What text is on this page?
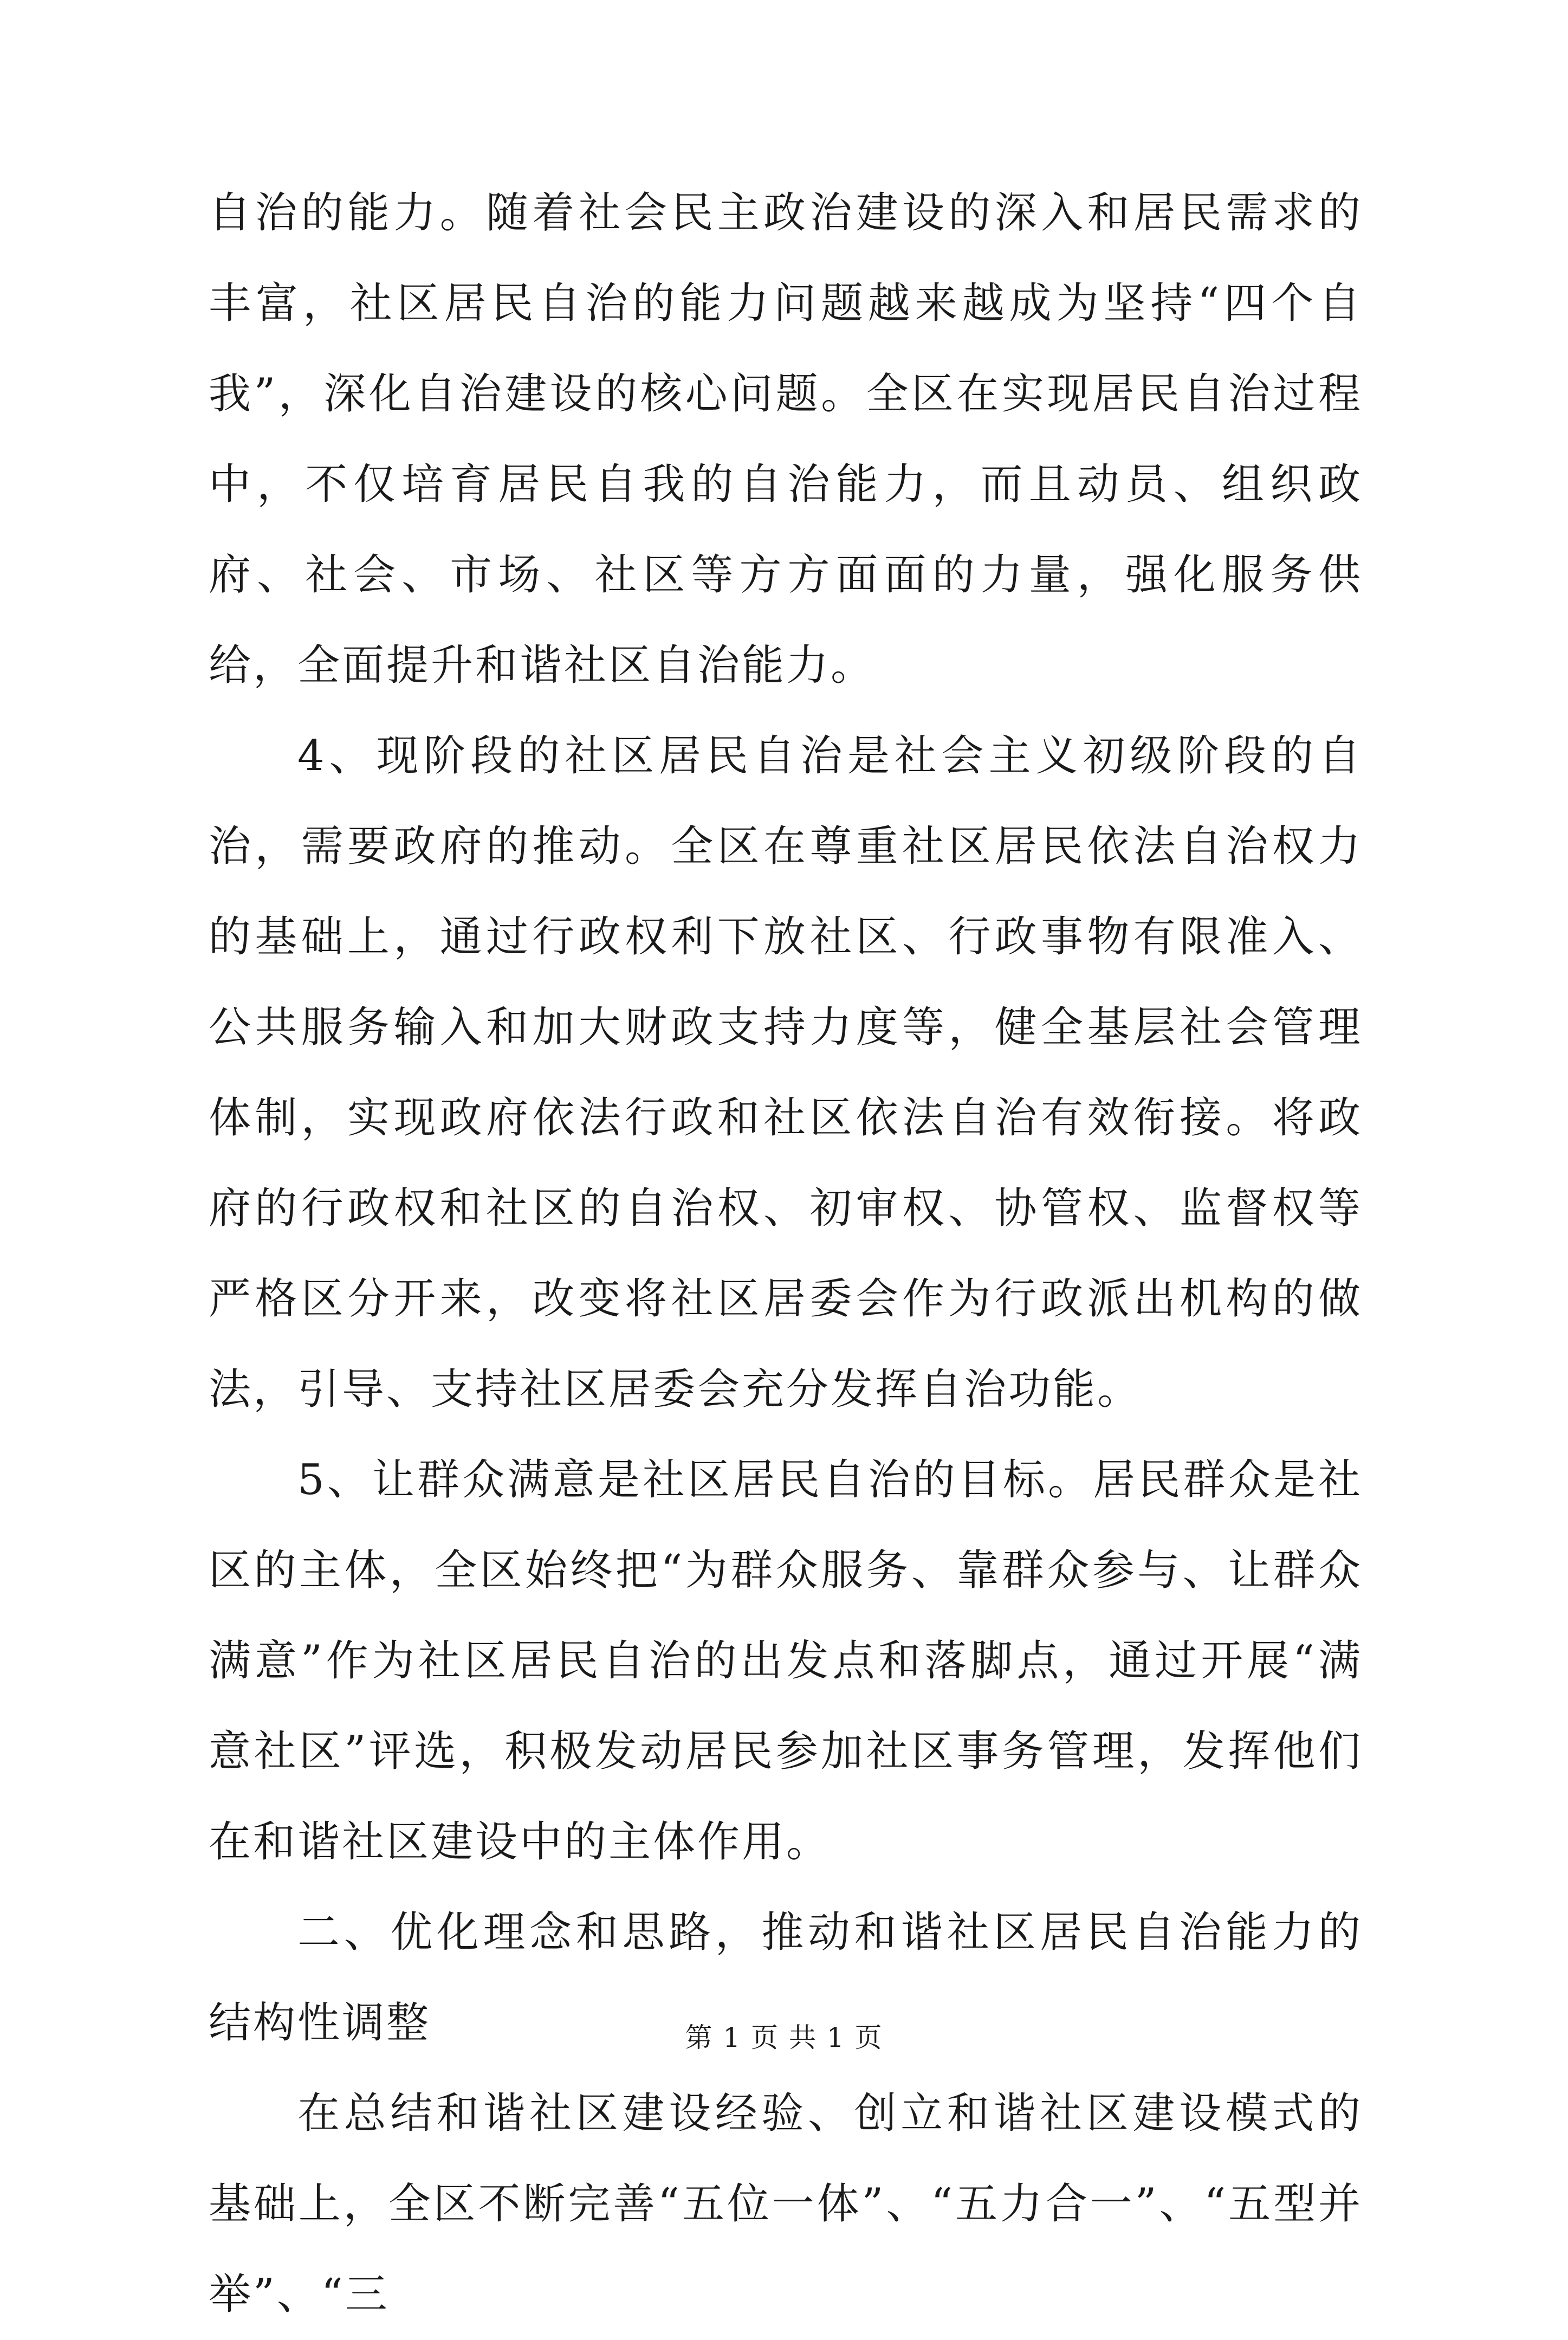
自治的能力。随着社会民主政治建设的深入和居民需求的丰富，社区居民自治的能力问题越来越成为坚持“四个自我”，深化自治建设的核心问题。全区在实现居民自治过程中，不仅培育居民自我的自治能力，而且动员、组织政府、社会、市场、社区等方方面面的力量，强化服务供给，全面提升和谐社区自治能力。

4、现阶段的社区居民自治是社会主义初级阶段的自治，需要政府的推动。全区在尊重社区居民依法自治权力的基础上，通过行政权利下放社区、行政事物有限准入、公共服务输入和加大财政支持力度等，健全基层社会管理体制，实现政府依法行政和社区依法自治有效衔接。将政府的行政权和社区的自治权、初审权、协管权、监督权等严格区分开来，改变将社区居委会作为行政派出机构的做法，引导、支持社区居委会充分发挥自治功能。

5、让群众满意是社区居民自治的目标。居民群众是社区的主体，全区始终把“为群众服务、靠群众参与、让群众满意”作为社区居民自治的出发点和落脚点，通过开展“满意社区”评选，积极发动居民参加社区事务管理，发挥他们在和谐社区建设中的主体作用。

二、优化理念和思路，推动和谐社区居民自治能力的结构性调整

在总结和谐社区建设经验、创立和谐社区建设模式的基础上，全区不断完善“五位一体”、“五力合一”、“五型并举”、“三

第 1 页 共 1 页
